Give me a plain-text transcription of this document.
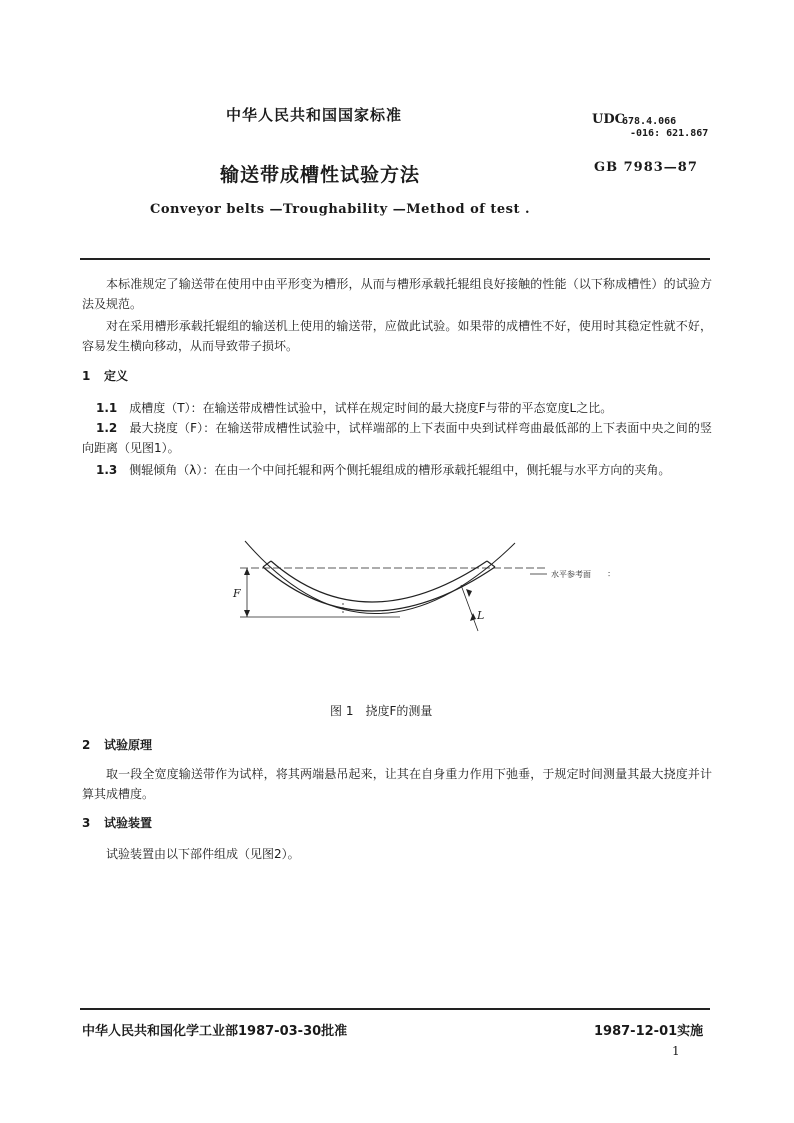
中华人民共和国国家标准	UDC
678.4.066
-016: 621.867
输送带成槽性试验方法	GB 7983—87
Conveyor belts —Troughability —Method of test .
本标准规定了输送带在使用中由平形变为槽形，从而与槽形承载托辊组良好接触的性能（以下称成槽性）的试验方法及规范。
对在采用槽形承载托辊组的输送机上使用的输送带，应做此试验。如果带的成槽性不好，使用时其稳定性就不好，容易发生横向移动，从而导致带子损坏。
1 定义
1.1　 成槽度（T）：在输送带成槽性试验中，试样在规定时间的最大挠度F与带的平态宽度L之比。
1.2　 最大挠度（F）：在输送带成槽性试验中，试样端部的上下表面中央到试样弯曲最低部的上下表面中央之间的竖向距离（见图1）。
1.3　 侧辊倾角（λ）：在由一个中间托辊和两个侧托辊组成的槽形承载托辊组中，侧托辊与水平方向的夹角。
水平参考面 ∶
F
L
图 1　挠度F的测量
2 试验原理
取一段全宽度输送带作为试样，将其两端悬吊起来，让其在自身重力作用下弛垂，于规定时间测量其最大挠度并计算其成槽度。
3 试验装置
试验装置由以下部件组成（见图2）。
中华人民共和国化学工业部1987-03-30批准	1987-12-01实施
1
